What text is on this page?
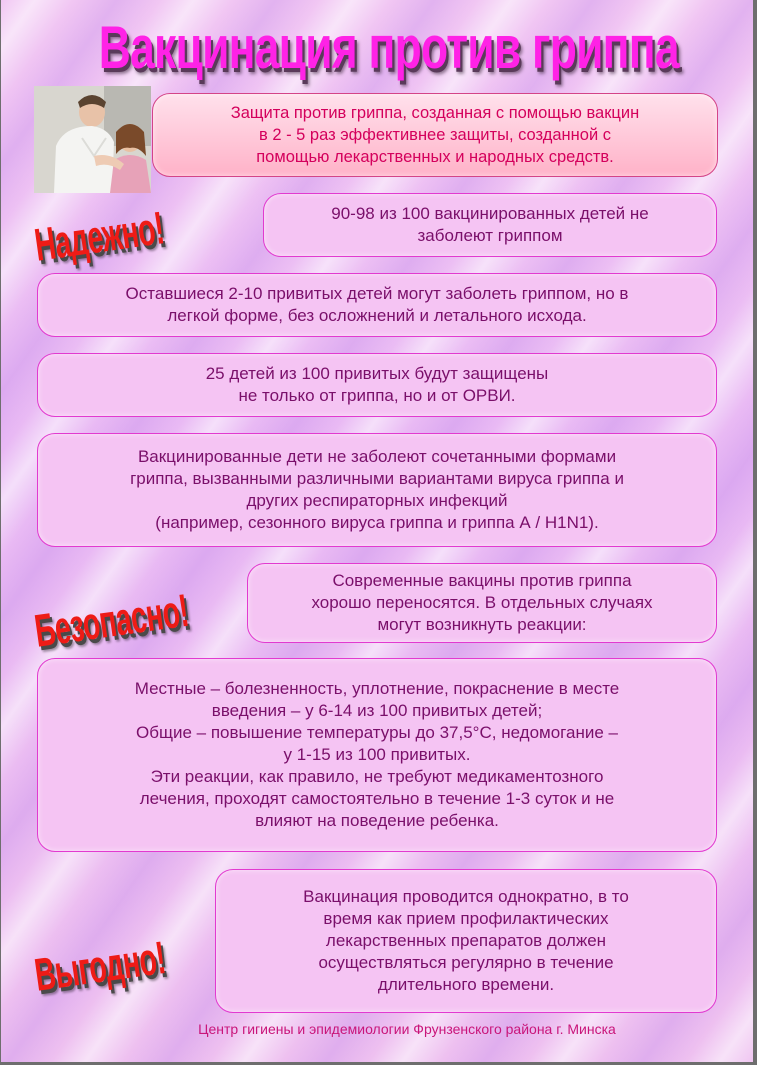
Вакцинация против гриппа

Защита против гриппа, созданная с помощью вакцин

в 2 - 5 раз эффективнее защиты, созданной с

помощью лекарственных и народных средств.

Надежно!	90-98 из 100 вакцинированных детей не

заболеют гриппом

Оставшиеся 2-10 привитых детей могут заболеть гриппом, но в

легкой форме, без осложнений и летального исхода.

25 детей из 100 привитых будут защищены

не только от гриппа, но и от ОРВИ.

Вакцинированные дети не заболеют сочетанными формами

гриппа, вызванными различными вариантами вируса гриппа и

других респираторных инфекций

(например, сезонного вируса гриппа и гриппа А / H1N1).

Безопасно!

Современные вакцины против гриппа

хорошо переносятся. В отдельных случаях

могут возникнуть реакции:

Местные – болезненность, уплотнение, покраснение в месте

введения – у 6-14 из 100 привитых детей;

Общие – повышение температуры до 37,5°С, недомогание –

у 1-15 из 100 привитых.

Эти реакции, как правило, не требуют медикаментозного

лечения, проходят самостоятельно в течение 1-3 суток и не

влияют на поведение ребенка.

Выгодно!

Вакцинация проводится однократно, в то

время как прием профилактических

лекарственных препаратов должен

осуществляться регулярно в течение

длительного времени.

Центр гигиены и эпидемиологии Фрунзенского района г. Минска
